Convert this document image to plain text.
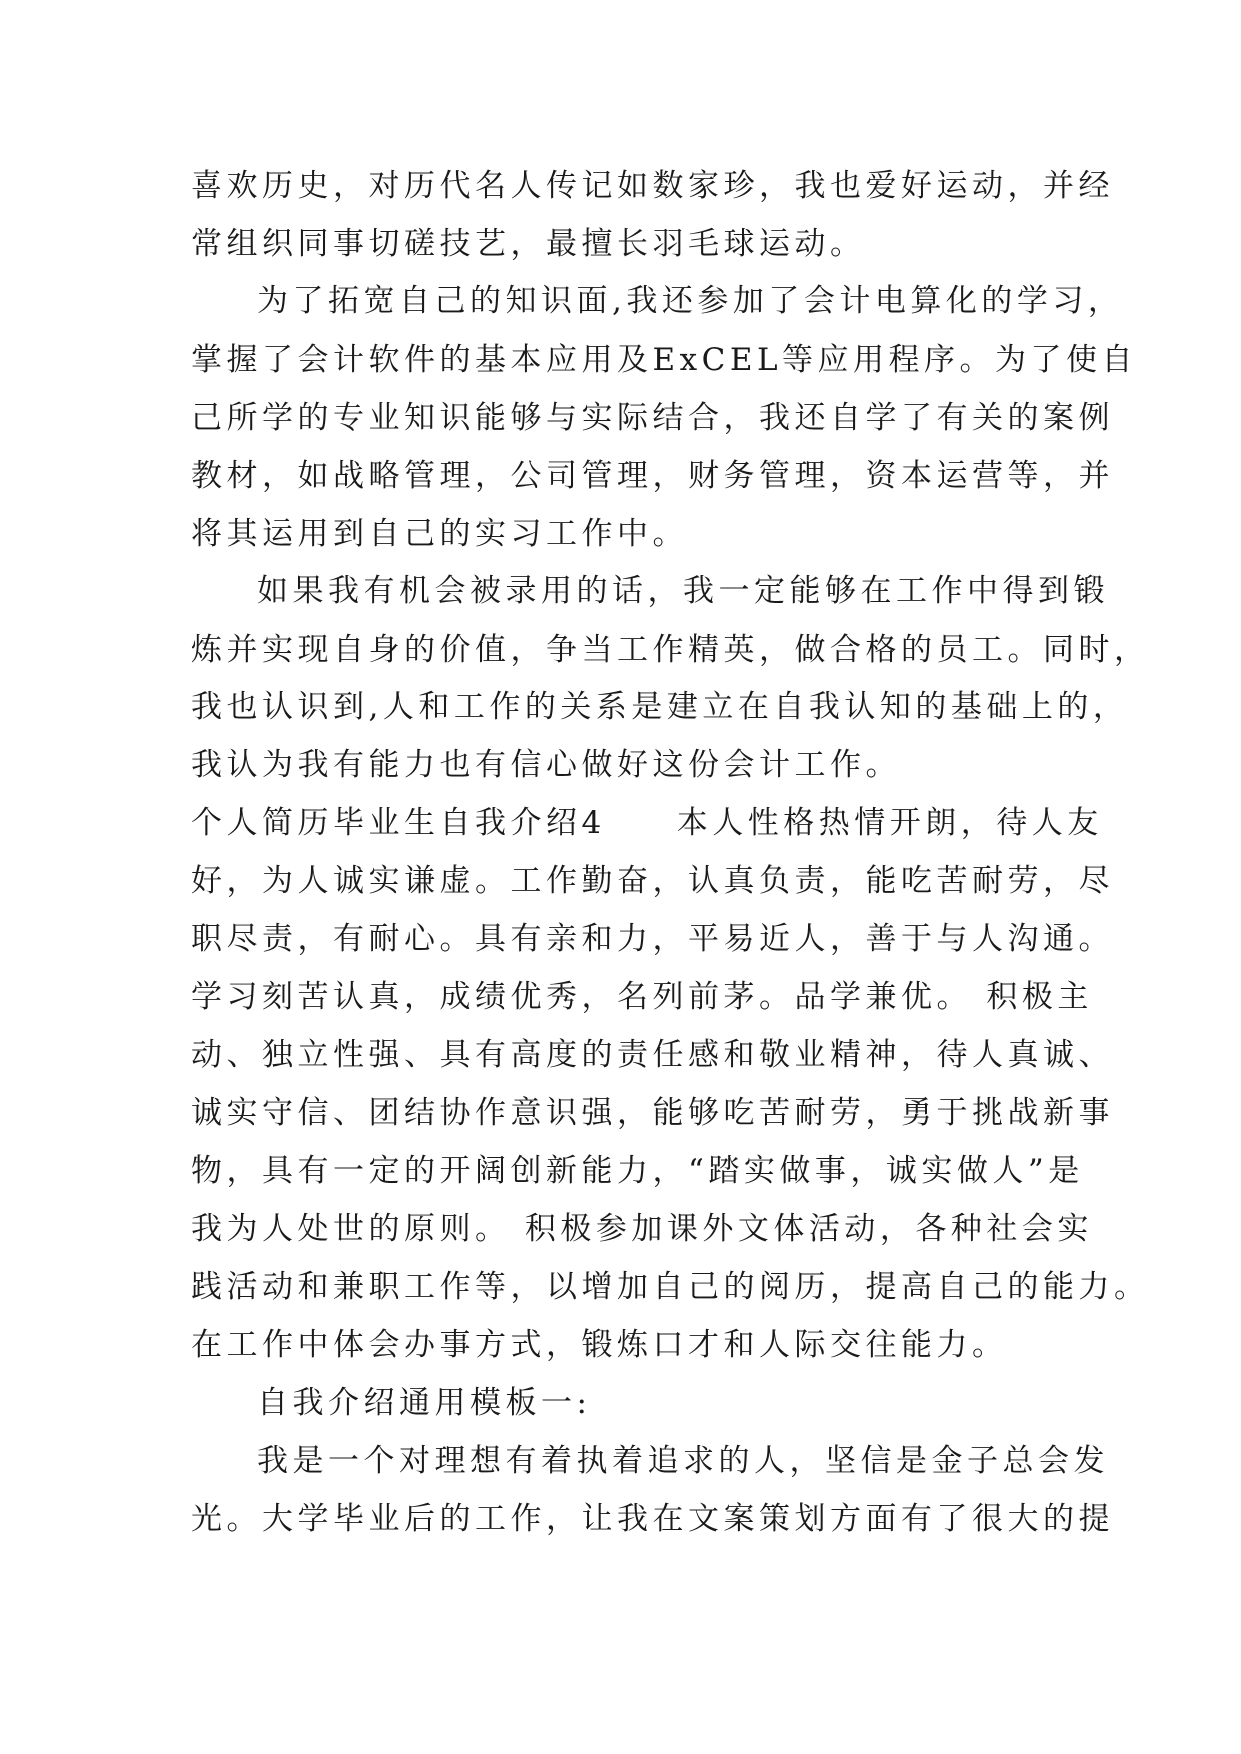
喜欢历史，对历代名人传记如数家珍，我也爱好运动，并经
常组织同事切磋技艺，最擅长羽毛球运动。
为了拓宽自己的知识面,我还参加了会计电算化的学习，
掌握了会计软件的基本应用及ExCEL等应用程序。为了使自
己所学的专业知识能够与实际结合，我还自学了有关的案例
教材，如战略管理，公司管理，财务管理，资本运营等，并
将其运用到自己的实习工作中。
如果我有机会被录用的话，我一定能够在工作中得到锻
炼并实现自身的价值，争当工作精英，做合格的员工。同时，
我也认识到,人和工作的关系是建立在自我认知的基础上的，
我认为我有能力也有信心做好这份会计工作。
个人简历毕业生自我介绍4　　本人性格热情开朗，待人友
好，为人诚实谦虚。工作勤奋，认真负责，能吃苦耐劳，尽
职尽责，有耐心。具有亲和力，平易近人，善于与人沟通。
学习刻苦认真，成绩优秀，名列前茅。品学兼优。 积极主
动、独立性强、具有高度的责任感和敬业精神，待人真诚、
诚实守信、团结协作意识强，能够吃苦耐劳，勇于挑战新事
物，具有一定的开阔创新能力，“踏实做事，诚实做人”是
我为人处世的原则。 积极参加课外文体活动，各种社会实
践活动和兼职工作等，以增加自己的阅历，提高自己的能力。
在工作中体会办事方式，锻炼口才和人际交往能力。
自我介绍通用模板一:
我是一个对理想有着执着追求的人，坚信是金子总会发
光。大学毕业后的工作，让我在文案策划方面有了很大的提
